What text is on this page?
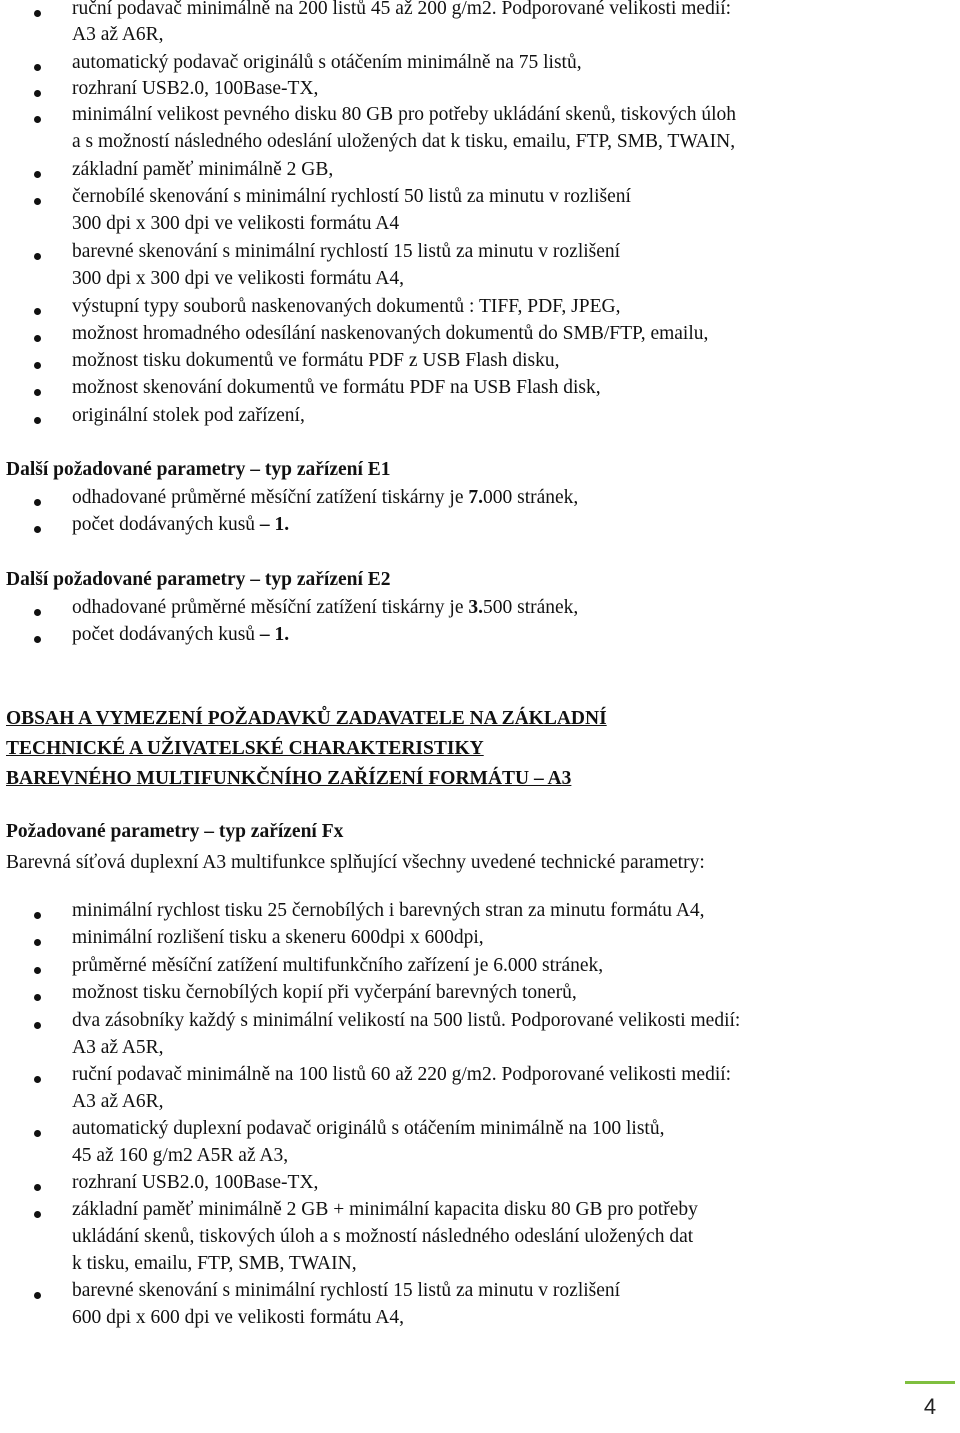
ruční podavač minimálně na 200 listů 45 až 200 g/m2. Podporované velikosti medií:
A3 až A6R,
automatický podavač originálů s otáčením minimálně na 75 listů,
rozhraní USB2.0, 100Base-TX,
minimální velikost pevného disku 80 GB pro potřeby ukládání skenů, tiskových úloh
a s možností následného odeslání uložených dat k tisku, emailu, FTP, SMB, TWAIN,
základní paměť minimálně 2 GB,
černobílé skenování s minimální rychlostí 50 listů za minutu v rozlišení
300 dpi x 300 dpi ve velikosti formátu A4
barevné skenování s minimální rychlostí 15 listů za minutu v rozlišení
300 dpi x 300 dpi ve velikosti formátu A4,
výstupní typy souborů naskenovaných dokumentů : TIFF, PDF, JPEG,
možnost hromadného odesílání naskenovaných dokumentů do SMB/FTP, emailu,
možnost tisku dokumentů ve formátu PDF z USB Flash disku,
možnost skenování dokumentů ve formátu PDF na USB Flash disk,
originální stolek pod zařízení,
Další požadované parametry – typ zařízení E1
odhadované průměrné měsíční zatížení tiskárny je 7.000 stránek,
počet dodávaných kusů – 1.
Další požadované parametry – typ zařízení E2
odhadované průměrné měsíční zatížení tiskárny je 3.500 stránek,
počet dodávaných kusů – 1.
OBSAH A VYMEZENÍ POŽADAVKŮ ZADAVATELE NA ZÁKLADNÍ
TECHNICKÉ A UŽIVATELSKÉ CHARAKTERISTIKY
BAREVNÉHO MULTIFUNKČNÍHO ZAŘÍZENÍ FORMÁTU – A3
Požadované parametry – typ zařízení Fx
Barevná síťová duplexní A3 multifunkce splňující všechny uvedené technické parametry:
minimální rychlost tisku 25 černobílých i barevných stran za minutu formátu A4,
minimální rozlišení tisku a skeneru 600dpi x 600dpi,
průměrné měsíční zatížení multifunkčního zařízení je 6.000 stránek,
možnost tisku černobílých kopií při vyčerpání barevných tonerů,
dva zásobníky každý s minimální velikostí na 500 listů. Podporované velikosti medií:
A3 až A5R,
ruční podavač minimálně na 100 listů 60 až 220 g/m2. Podporované velikosti medií:
A3 až A6R,
automatický duplexní podavač originálů s otáčením minimálně na 100 listů,
45 až 160 g/m2 A5R až A3,
rozhraní USB2.0, 100Base-TX,
základní paměť minimálně 2 GB + minimální kapacita disku 80 GB pro potřeby
ukládání skenů, tiskových úloh a s možností následného odeslání uložených dat
k tisku, emailu, FTP, SMB, TWAIN,
barevné skenování s minimální rychlostí 15 listů za minutu v rozlišení
600 dpi x 600 dpi ve velikosti formátu A4,
4
